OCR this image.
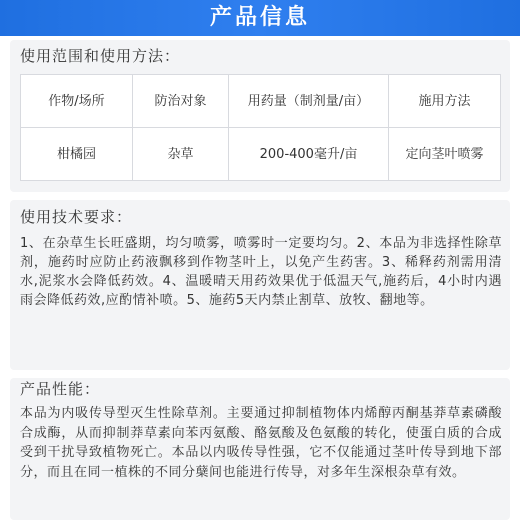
产品信息
使用范围和使用方法：
作物/场所	防治对象	用药量（制剂量/亩）	施用方法
柑橘园	杂草	200-400毫升/亩	定向茎叶喷雾
使用技术要求：
1、在杂草生长旺盛期，均匀喷雾，喷雾时一定要均匀。2、本品为非选择性除草剂，施药时应防止药液飘移到作物茎叶上，以免产生药害。3、稀释药剂需用清水,泥浆水会降低药效。4、温暖晴天用药效果优于低温天气,施药后，4小时内遇雨会降低药效,应酌情补喷。5、施药5天内禁止割草、放牧、翻地等。
产品性能：
本品为内吸传导型灭生性除草剂。主要通过抑制植物体内烯醇丙酮基莽草素磷酸合成酶，从而抑制莽草素向苯丙氨酸、酪氨酸及色氨酸的转化，使蛋白质的合成受到干扰导致植物死亡。本品以内吸传导性强，它不仅能通过茎叶传导到地下部分，而且在同一植株的不同分蘖间也能进行传导，对多年生深根杂草有效。
